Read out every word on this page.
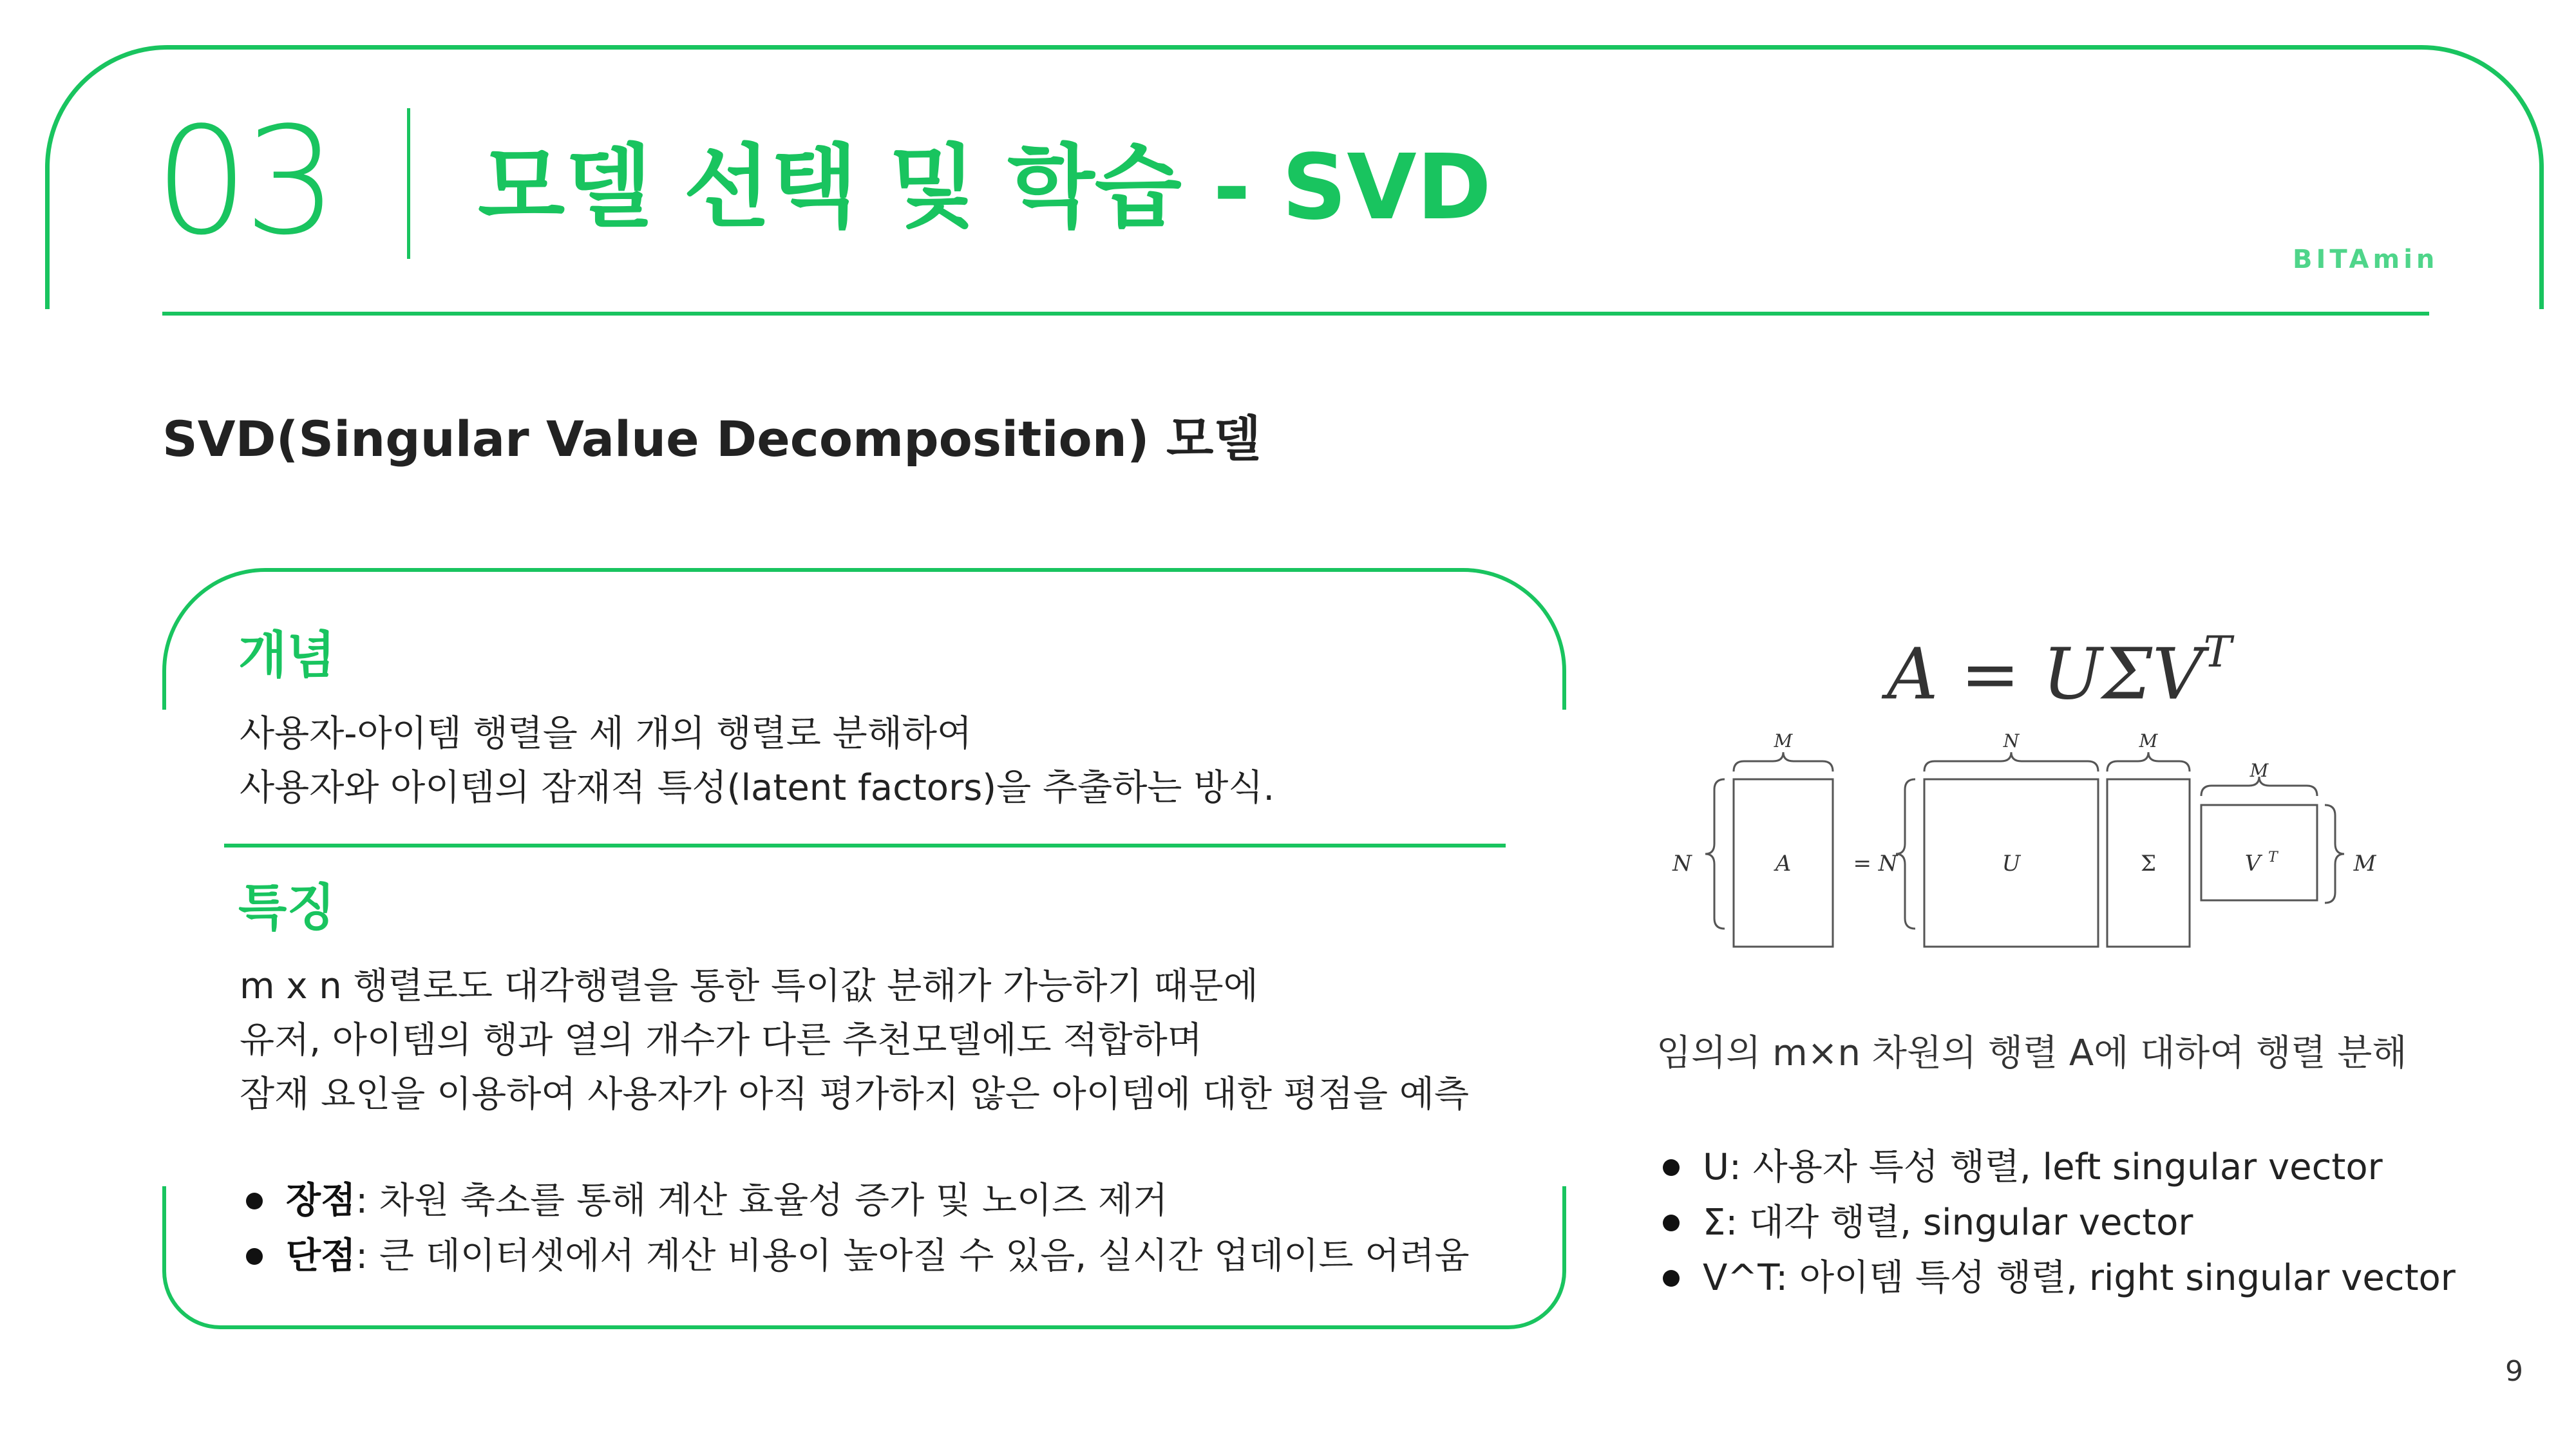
03 모델 선택 및 학습 - SVD
BITAmin
SVD(Singular Value Decomposition) 모델
개념
사용자-아이템 행렬을 세 개의 행렬로 분해하여
사용자와 아이템의 잠재적 특성(latent factors)을 추출하는 방식.
특징
m x n 행렬로도 대각행렬을 통한 특이값 분해가 가능하기 때문에
유저, 아이템의 행과 열의 개수가 다른 추천모델에도 적합하며
잠재 요인을 이용하여 사용자가 아직 평가하지 않은 아이템에 대한 평점을 예측
장점: 차원 축소를 통해 계산 효율성 증가 및 노이즈 제거
단점: 큰 데이터셋에서 계산 비용이 높아질 수 있음, 실시간 업데이트 어려움
$A = U\Sigma V^T$
A	U	Σ	V T
= N
N	M
M	N	M
M
임의의 m×n 차원의 행렬 A에 대하여 행렬 분해
U: 사용자 특성 행렬, left singular vector
Σ: 대각 행렬, singular vector
V^T: 아이템 특성 행렬, right singular vector
9
